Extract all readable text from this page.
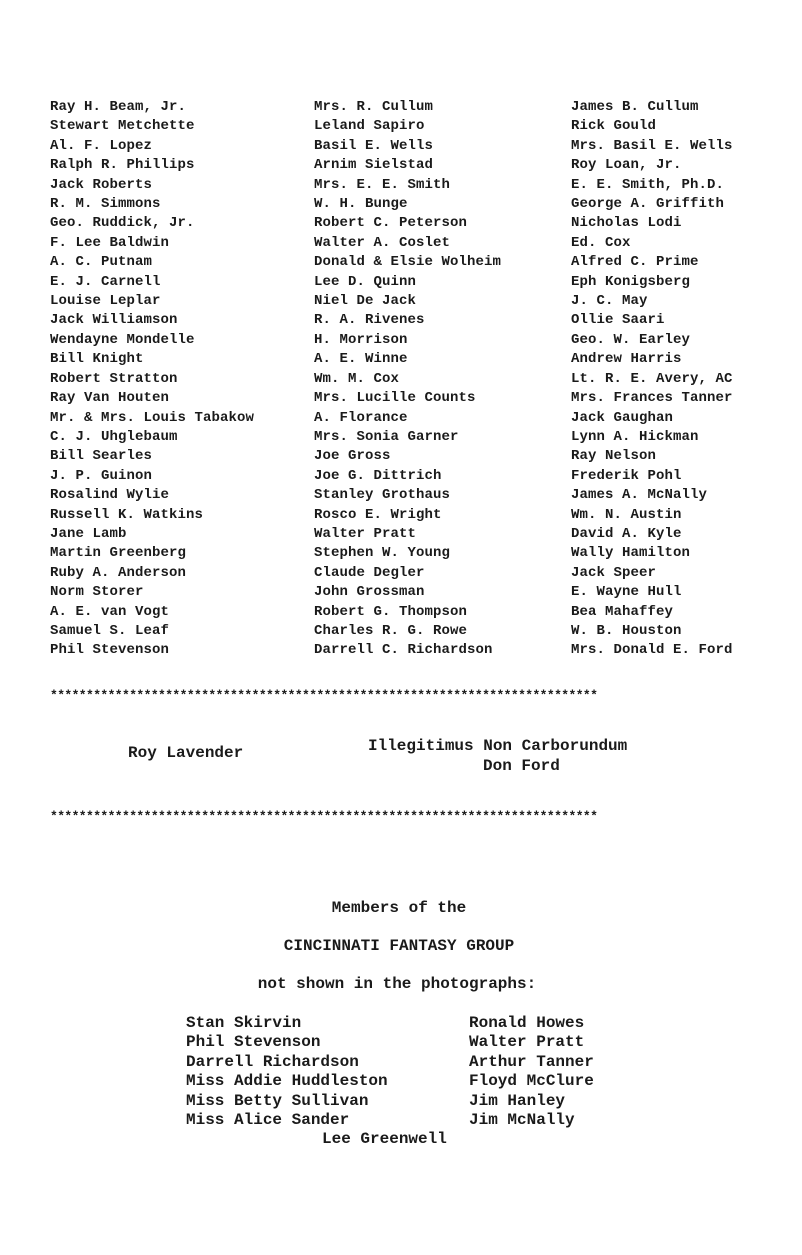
Ray H. Beam, Jr.
Stewart Metchette
Al. F. Lopez
Ralph R. Phillips
Jack Roberts
R. M. Simmons
Geo. Ruddick, Jr.
F. Lee Baldwin
A. C. Putnam
E. J. Carnell
Louise Leplar
Jack Williamson
Wendayne Mondelle
Bill Knight
Robert Stratton
Ray Van Houten
Mr. & Mrs. Louis Tabakow
C. J. Uhglebaum
Bill Searles
J. P. Guinon
Rosalind Wylie
Russell K. Watkins
Jane Lamb
Martin Greenberg
Ruby A. Anderson
Norm Storer
A. E. van Vogt
Samuel S. Leaf
Phil Stevenson
Mrs. R. Cullum
Leland Sapiro
Basil E. Wells
Arnim Sielstad
Mrs. E. E. Smith
W. H. Bunge
Robert C. Peterson
Walter A. Coslet
Donald & Elsie Wolheim
Lee D. Quinn
Niel De Jack
R. A. Rivenes
H. Morrison
A. E. Winne
Wm. M. Cox
Mrs. Lucille Counts
A. Florance
Mrs. Sonia Garner
Joe Gross
Joe G. Dittrich
Stanley Grothaus
Rosco E. Wright
Walter Pratt
Stephen W. Young
Claude Degler
John Grossman
Robert G. Thompson
Charles R. G. Rowe
Darrell C. Richardson
James B. Cullum
Rick Gould
Mrs. Basil E. Wells
Roy Loan, Jr.
E. E. Smith, Ph.D.
George A. Griffith
Nicholas Lodi
Ed. Cox
Alfred C. Prime
Eph Konigsberg
J. C. May
Ollie Saari
Geo. W. Earley
Andrew Harris
Lt. R. E. Avery, AC
Mrs. Frances Tanner
Jack Gaughan
Lynn A. Hickman
Ray Nelson
Frederik Pohl
James A. McNally
Wm. N. Austin
David A. Kyle
Wally Hamilton
Jack Speer
E. Wayne Hull
Bea Mahaffey
W. B. Houston
Mrs. Donald E. Ford
****************************************************************************
Roy Lavender	Illegitimus Non Carborundum
Don Ford
****************************************************************************
Members of the
CINCINNATI FANTASY GROUP
not shown in the photographs:
Stan Skirvin
Phil Stevenson
Darrell Richardson
Miss Addie Huddleston
Miss Betty Sullivan
Miss Alice Sander
Ronald Howes
Walter Pratt
Arthur Tanner
Floyd McClure
Jim Hanley
Jim McNally
Lee Greenwell
